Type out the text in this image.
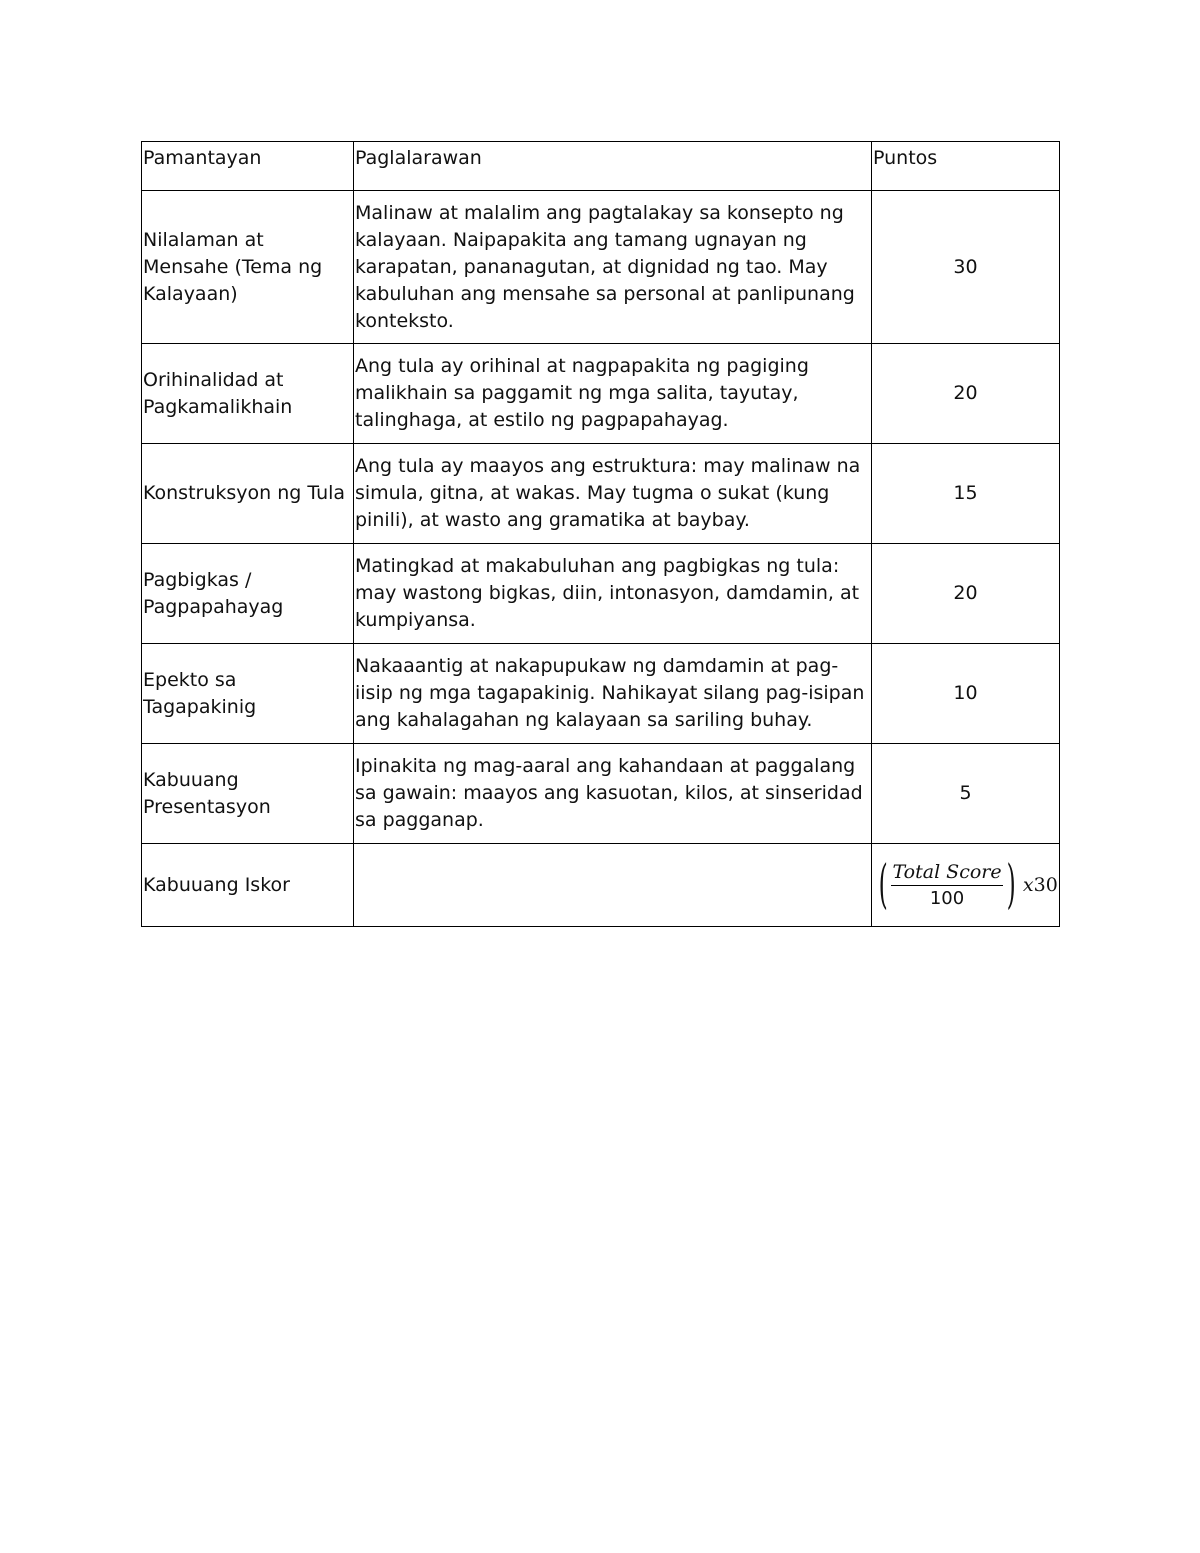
Pamantayan	Paglalarawan	Puntos
Nilalaman at Mensahe (Tema ng Kalayaan)	Malinaw at malalim ang pagtalakay sa konsepto ng kalayaan. Naipapakita ang tamang ugnayan ng karapatan, pananagutan, at dignidad ng tao. May kabuluhan ang mensahe sa personal at panlipunang konteksto.	30
Orihinalidad at Pagkamalikhain	Ang tula ay orihinal at nagpapakita ng pagiging malikhain sa paggamit ng mga salita, tayutay, talinghaga, at estilo ng pagpapahayag.	20
Konstruksyon ng Tula	Ang tula ay maayos ang estruktura: may malinaw na simula, gitna, at wakas. May tugma o sukat (kung pinili), at wasto ang gramatika at baybay.	15
Pagbigkas / Pagpapahayag	Matingkad at makabuluhan ang pagbigkas ng tula: may wastong bigkas, diin, intonasyon, damdamin, at kumpiyansa.	20
Epekto sa Tagapakinig	Nakaaantig at nakapupukaw ng damdamin at pag-iisip ng mga tagapakinig. Nahikayat silang pag-isipan ang kahalagahan ng kalayaan sa sariling buhay.	10
Kabuuang Presentasyon	Ipinakita ng mag-aaral ang kahandaan at paggalang sa gawain: maayos ang kasuotan, kilos, at sinseridad sa pagganap.	5
Kabuuang Iskor		( $\frac{\text{Total Score}}{100}$ ) x30
